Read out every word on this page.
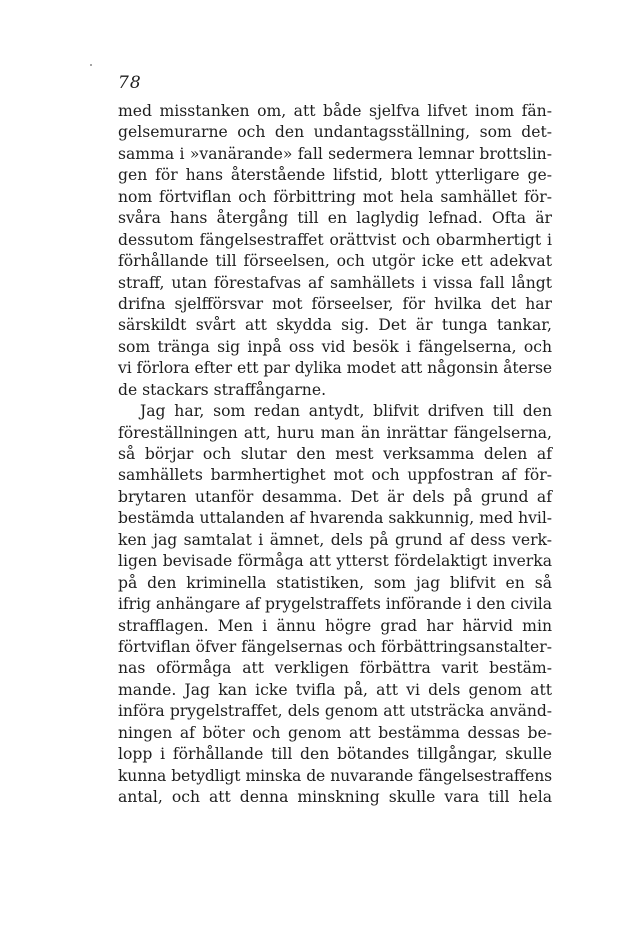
78
med misstanken om, att både sjelfva lifvet inom fän-
gelsemurarne och den undantagsställning, som det-
samma i »vanärande» fall sedermera lemnar brottslin-
gen för hans återstående lifstid, blott ytterligare ge-
nom förtviflan och förbittring mot hela samhället för-
svåra hans återgång till en laglydig lefnad. Ofta är
dessutom fängelsestraffet orättvist och obarmhertigt i
förhållande till förseelsen, och utgör icke ett adekvat
straff, utan förestafvas af samhällets i vissa fall långt
drifna sjelfförsvar mot förseelser, för hvilka det har
särskildt svårt att skydda sig. Det är tunga tankar,
som tränga sig inpå oss vid besök i fängelserna, och
vi förlora efter ett par dylika modet att någonsin återse
de stackars straffångarne.
Jag har, som redan antydt, blifvit drifven till den
föreställningen att, huru man än inrättar fängelserna,
så börjar och slutar den mest verksamma delen af
samhällets barmhertighet mot och uppfostran af för-
brytaren utanför desamma. Det är dels på grund af
bestämda uttalanden af hvarenda sakkunnig, med hvil-
ken jag samtalat i ämnet, dels på grund af dess verk-
ligen bevisade förmåga att ytterst fördelaktigt inverka
på den kriminella statistiken, som jag blifvit en så
ifrig anhängare af prygelstraffets införande i den civila
strafflagen. Men i ännu högre grad har härvid min
förtviflan öfver fängelsernas och förbättringsanstalter-
nas oförmåga att verkligen förbättra varit bestäm-
mande. Jag kan icke tvifla på, att vi dels genom att
införa prygelstraffet, dels genom att utsträcka använd-
ningen af böter och genom att bestämma dessas be-
lopp i förhållande till den bötandes tillgångar, skulle
kunna betydligt minska de nuvarande fängelsestraffens
antal, och att denna minskning skulle vara till hela
